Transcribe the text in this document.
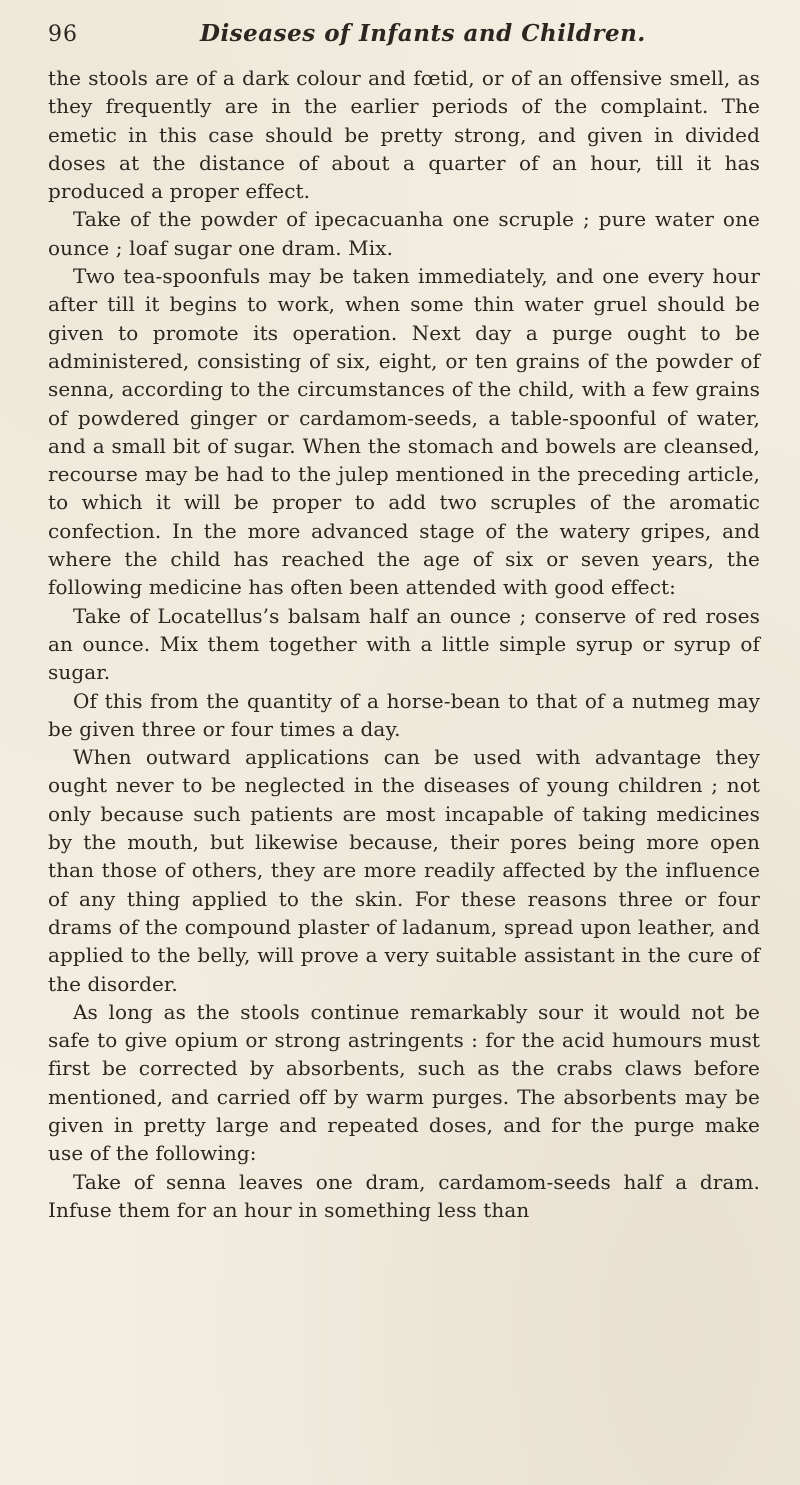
96	Diseases of Infants and Children.

the stools are of a dark colour and fœtid, or of an offensive smell, as they frequently are in the earlier periods of the complaint. The emetic in this case should be pretty strong, and given in divided doses at the distance of about a quarter of an hour, till it has produced a proper effect.

Take of the powder of ipecacuanha one scruple ; pure water one ounce ; loaf sugar one dram. Mix.

Two tea-spoonfuls may be taken immediately, and one every hour after till it begins to work, when some thin water gruel should be given to promote its operation. Next day a purge ought to be administered, consisting of six, eight, or ten grains of the powder of senna, according to the circumstances of the child, with a few grains of powdered ginger or cardamom-seeds, a table-spoonful of water, and a small bit of sugar. When the stomach and bowels are cleansed, recourse may be had to the julep mentioned in the preceding article, to which it will be proper to add two scruples of the aromatic confection. In the more advanced stage of the watery gripes, and where the child has reached the age of six or seven years, the following medicine has often been attended with good effect:

Take of Locatellus’s balsam half an ounce ; conserve of red roses an ounce. Mix them together with a little simple syrup or syrup of sugar.

Of this from the quantity of a horse-bean to that of a nutmeg may be given three or four times a day.

When outward applications can be used with advantage they ought never to be neglected in the diseases of young children ; not only because such patients are most incapable of taking medicines by the mouth, but likewise because, their pores being more open than those of others, they are more readily affected by the influence of any thing applied to the skin. For these reasons three or four drams of the compound plaster of ladanum, spread upon leather, and applied to the belly, will prove a very suitable assistant in the cure of the disorder.

As long as the stools continue remarkably sour it would not be safe to give opium or strong astringents : for the acid humours must first be corrected by absorbents, such as the crabs claws before mentioned, and carried off by warm purges. The absorbents may be given in pretty large and repeated doses, and for the purge make use of the following:

Take of senna leaves one dram, cardamom-seeds half a dram. Infuse them for an hour in something less than
